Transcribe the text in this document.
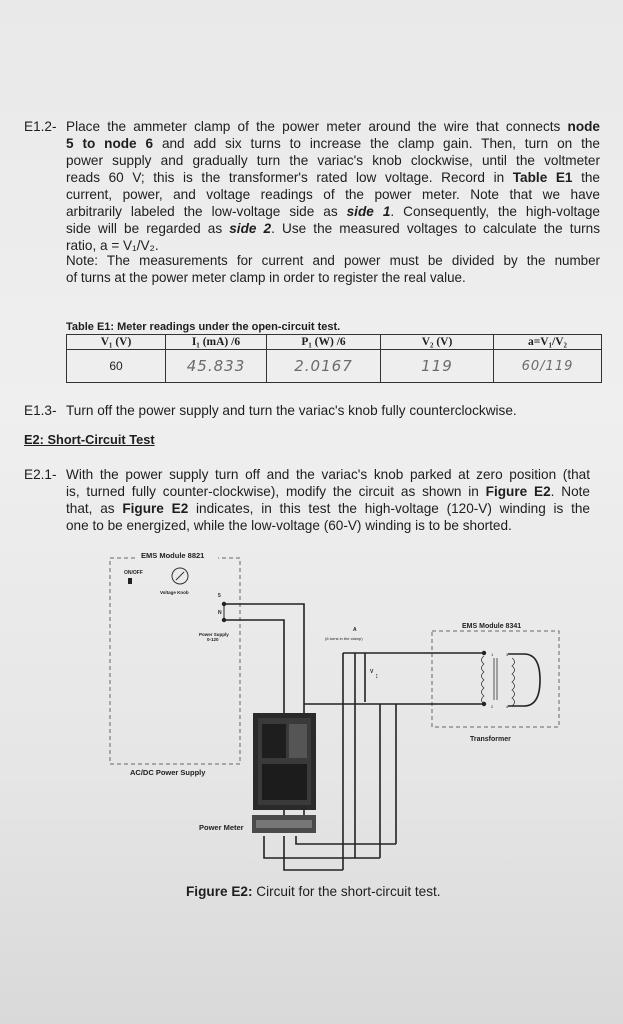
E1.2- Place the ammeter clamp of the power meter around the wire that connects node
5 to node 6 and add six turns to increase the clamp gain. Then, turn on the
power supply and gradually turn the variac's knob clockwise, until the voltmeter
reads 60 V; this is the transformer's rated low voltage. Record in Table E1 the
current, power, and voltage readings of the power meter. Note that we have
arbitrarily labeled the low-voltage side as side 1. Consequently, the high-voltage
side will be regarded as side 2. Use the measured voltages to calculate the turns
ratio, a = V₁/V₂.
Note: The measurements for current and power must be divided by the number
of turns at the power meter clamp in order to register the real value.
Table E1: Meter readings under the open-circuit test.
V₁ (V)	I₁ (mA) /6	P₁ (W) /6	V₂ (V)	a=V₁/V₂
60	45.833	2.0167	119	60/119
E1.3- Turn off the power supply and turn the variac's knob fully counterclockwise.
E2: Short-Circuit Test
E2.1- With the power supply turn off and the variac's knob parked at zero position (that
is, turned fully counter-clockwise), modify the circuit as shown in Figure E2. Note
that, as Figure E2 indicates, in this test the high-voltage (120-V) winding is the
one to be energized, while the low-voltage (60-V) winding is to be shorted.
EMS Module 8821
ON/OFF
Voltage Knob
5
N
Power Supply
0-120
AC/DC Power Supply
EMS Module 8341
1
2
3
4
Transformer
A
(6 turns in the clamp)
V
↕
Power Meter
Figure E2: Circuit for the short-circuit test.
